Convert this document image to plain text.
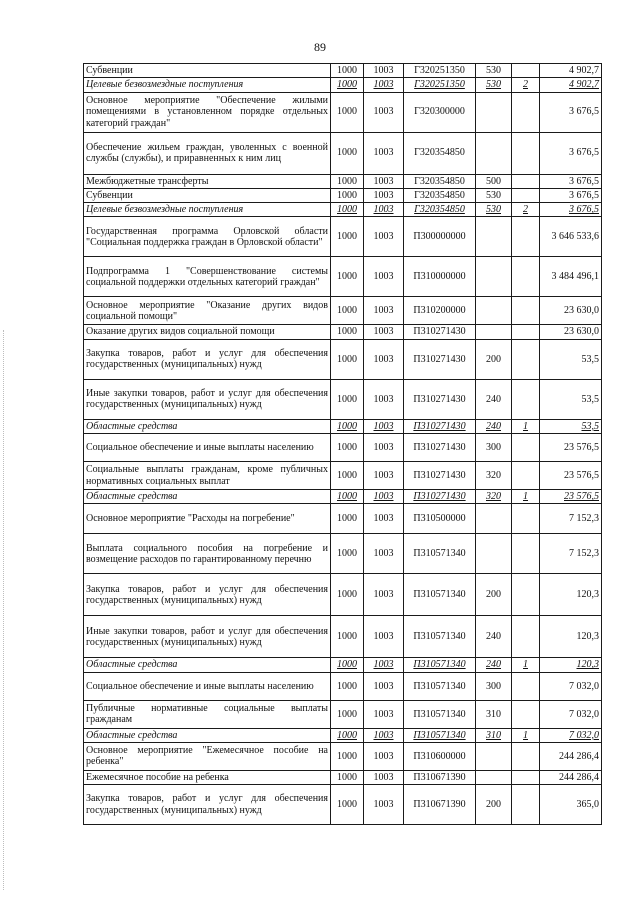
89
Субвенции	1000	1003	Г320251350	530		4 902,7
Целевые безвозмездные поступления	1000	1003	Г320251350	530	2	4 902,7
Основное мероприятие "Обеспечение жилыми помещениями в установленном порядке отдельных категорий граждан"	1000	1003	Г320300000			3 676,5
Обеспечение жильем граждан, уволенных с военной службы (службы), и приравненных к ним лиц	1000	1003	Г320354850			3 676,5
Межбюджетные трансферты	1000	1003	Г320354850	500		3 676,5
Субвенции	1000	1003	Г320354850	530		3 676,5
Целевые безвозмездные поступления	1000	1003	Г320354850	530	2	3 676,5
Государственная программа Орловской области "Социальная поддержка граждан в Орловской области"	1000	1003	П300000000			3 646 533,6
Подпрограмма 1 "Совершенствование системы социальной поддержки отдельных категорий граждан"	1000	1003	П310000000			3 484 496,1
Основное мероприятие "Оказание других видов социальной помощи"	1000	1003	П310200000			23 630,0
Оказание других видов социальной помощи	1000	1003	П310271430			23 630,0
Закупка товаров, работ и услуг для обеспечения государственных (муниципальных) нужд	1000	1003	П310271430	200		53,5
Иные закупки товаров, работ и услуг для обеспечения государственных (муниципальных) нужд	1000	1003	П310271430	240		53,5
Областные средства	1000	1003	П310271430	240	1	53,5
Социальное обеспечение и иные выплаты населению	1000	1003	П310271430	300		23 576,5
Социальные выплаты гражданам, кроме публичных нормативных социальных выплат	1000	1003	П310271430	320		23 576,5
Областные средства	1000	1003	П310271430	320	1	23 576,5
Основное мероприятие "Расходы на погребение"	1000	1003	П310500000			7 152,3
Выплата социального пособия на погребение и возмещение расходов по гарантированному перечню	1000	1003	П310571340			7 152,3
Закупка товаров, работ и услуг для обеспечения государственных (муниципальных) нужд	1000	1003	П310571340	200		120,3
Иные закупки товаров, работ и услуг для обеспечения государственных (муниципальных) нужд	1000	1003	П310571340	240		120,3
Областные средства	1000	1003	П310571340	240	1	120,3
Социальное обеспечение и иные выплаты населению	1000	1003	П310571340	300		7 032,0
Публичные нормативные социальные выплаты гражданам	1000	1003	П310571340	310		7 032,0
Областные средства	1000	1003	П310571340	310	1	7 032,0
Основное мероприятие "Ежемесячное пособие на ребенка"	1000	1003	П310600000			244 286,4
Ежемесячное пособие на ребенка	1000	1003	П310671390			244 286,4
Закупка товаров, работ и услуг для обеспечения государственных (муниципальных) нужд	1000	1003	П310671390	200		365,0
